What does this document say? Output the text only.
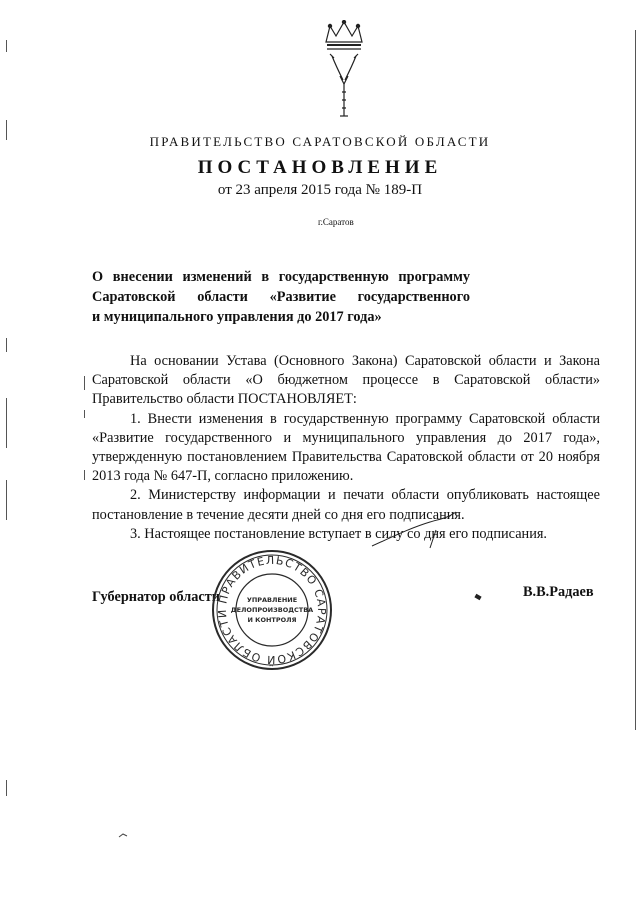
ПРАВИТЕЛЬСТВО САРАТОВСКОЙ ОБЛАСТИ
ПОСТАНОВЛЕНИЕ
от 23 апреля 2015 года № 189-П
г.Саратов
О внесении изменений в государственную программу
Саратовской области «Развитие государственного
и муниципального управления до 2017 года»

На основании Устава (Основного Закона) Саратовской области и Закона Саратовской области «О бюджетном процессе в Саратовской области» Правительство области ПОСТАНОВЛЯЕТ:

1. Внести изменения в государственную программу Саратовской области «Развитие государственного и муниципального управления до 2017 года», утвержденную постановлением Правительства Саратовской области от 20 ноября 2013 года № 647-П, согласно приложению.

2. Министерству информации и печати области опубликовать настоящее постановление в течение десяти дней со дня его подписания.

3. Настоящее постановление вступает в силу со дня его подписания.

Губернатор области
ПРАВИТЕЛЬСТВО САРАТОВСКОЙ ОБЛАСТИ
УПРАВЛЕНИЕ
ДЕЛОПРОИЗВОДСТВА
И КОНТРОЛЯ
В.В.Радаев
